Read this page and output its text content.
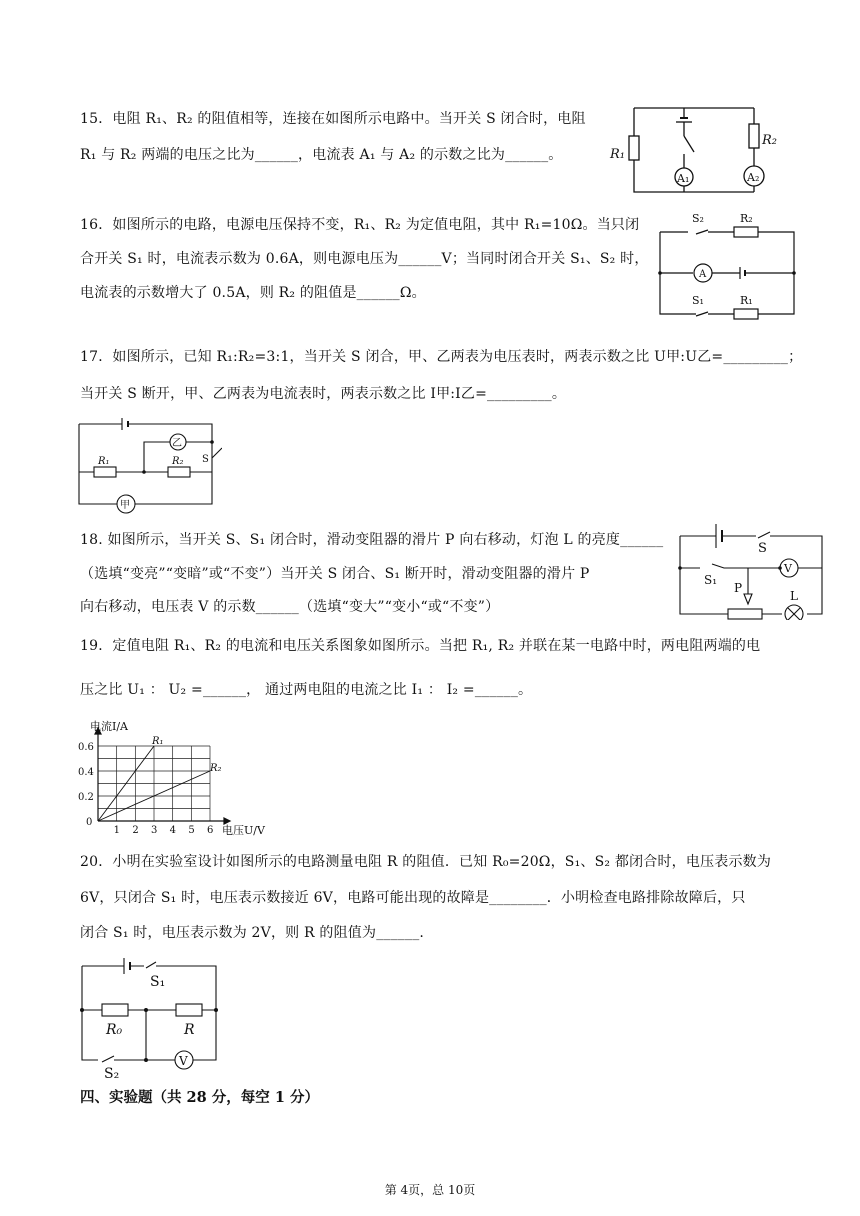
15．电阻 R₁、R₂ 的阻值相等，连接在如图所示电路中。当开关 S 闭合时，电阻
R₁ 与 R₂ 两端的电压之比为______，电流表 A₁ 与 A₂ 的示数之比为______。	R₁
R₂
A₁	A₂
16．如图所示的电路，电源电压保持不变，R₁、R₂ 为定值电阻，其中 R₁=10Ω。当只闭
合开关 S₁ 时，电流表示数为 0.6A，则电源电压为______V；当同时闭合开关 S₁、S₂ 时，
电流表的示数增大了 0.5A，则 R₂ 的阻值是______Ω。
S₂	R₂
A
S₁	R₁
17．如图所示，已知 R₁:R₂=3:1，当开关 S 闭合，甲、乙两表为电压表时，两表示数之比 U甲:U乙=_________；
当开关 S 断开，甲、乙两表为电流表时，两表示数之比 I甲:I乙=_________。
乙
甲
R₁	R₂ S
18. 如图所示，当开关 S、S₁ 闭合时，滑动变阻器的滑片 P 向右移动，灯泡 L 的亮度______
（选填“变亮”“变暗”或“不变”）当开关 S 闭合、S₁ 断开时，滑动变阻器的滑片 P
向右移动，电压表 V 的示数______（选填“变大”“变小“或“不变”）
S
S₁
V
P
L
19．定值电阻 R₁、R₂ 的电流和电压关系图象如图所示。当把 R₁, R₂ 并联在某一电路中时，两电阻两端的电
压之比 U₁ ： U₂ =______， 通过两电阻的电流之比 I₁ ： I₂ =______。
1 2 3 4 5 6
0.6
0.4
0.2
0
R₁
R₂
电流I/A
电压U/V
20．小明在实验室设计如图所示的电路测量电阻 R 的阻值．已知 R₀=20Ω，S₁、S₂ 都闭合时，电压表示数为
6V，只闭合 S₁ 时，电压表示数接近 6V，电路可能出现的故障是________．小明检查电路排除故障后，只
闭合 S₁ 时，电压表示数为 2V，则 R 的阻值为______.
S₁
R₀	R
S₂
V
四、实验题（共 28 分，每空 1 分）
第 4页，总 10页
